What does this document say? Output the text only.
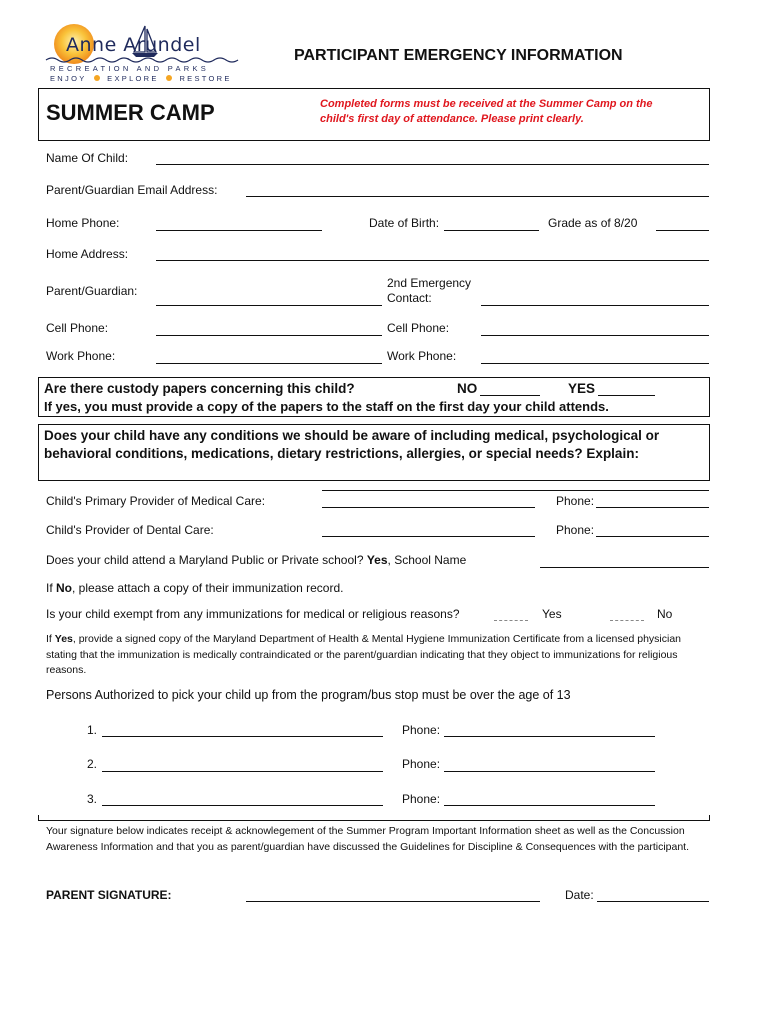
Anne Arundel
RECREATION AND PARKS
ENJOY	EXPLORE	RESTORE
PARTICIPANT EMERGENCY INFORMATION
SUMMER CAMP	Completed forms must be received at the Summer Camp on the child's first day of attendance. Please print clearly.
Name Of Child:
Parent/Guardian Email Address:
Home Phone:	Date of Birth:	Grade as of 8/20
Home Address:
Parent/Guardian:
2nd Emergency
Contact:
Cell Phone:	Cell Phone:
Work Phone:	Work Phone:
Are there custody papers concerning this child?	NO	YES
If yes, you must provide a copy of the papers to the staff on the first day your child attends.
Does your child have any conditions we should be aware of including medical, psychological or behavioral conditions, medications, dietary restrictions, allergies, or special needs? Explain:
Child's Primary Provider of Medical Care:	Phone:
Child's Provider of Dental Care:	Phone:
Does your child attend a Maryland Public or Private school? Yes, School Name
If No, please attach a copy of their immunization record.
Is your child exempt from any immunizations for medical or religious reasons?	Yes	No
If Yes, provide a signed copy of the Maryland Department of Health & Mental Hygiene Immunization Certificate from a licensed physician stating that the immunization is medically contraindicated or the parent/guardian indicating that they object to immunizations for religious reasons.
Persons Authorized to pick your child up from the program/bus stop must be over the age of 13
1.	Phone:
2.	Phone:
3.	Phone:
Your signature below indicates receipt & acknowlegement of the Summer Program Important Information sheet as well as the Concussion Awareness Information and that you as parent/guardian have discussed the Guidelines for Discipline & Consequences with the participant.
PARENT SIGNATURE:	Date:
